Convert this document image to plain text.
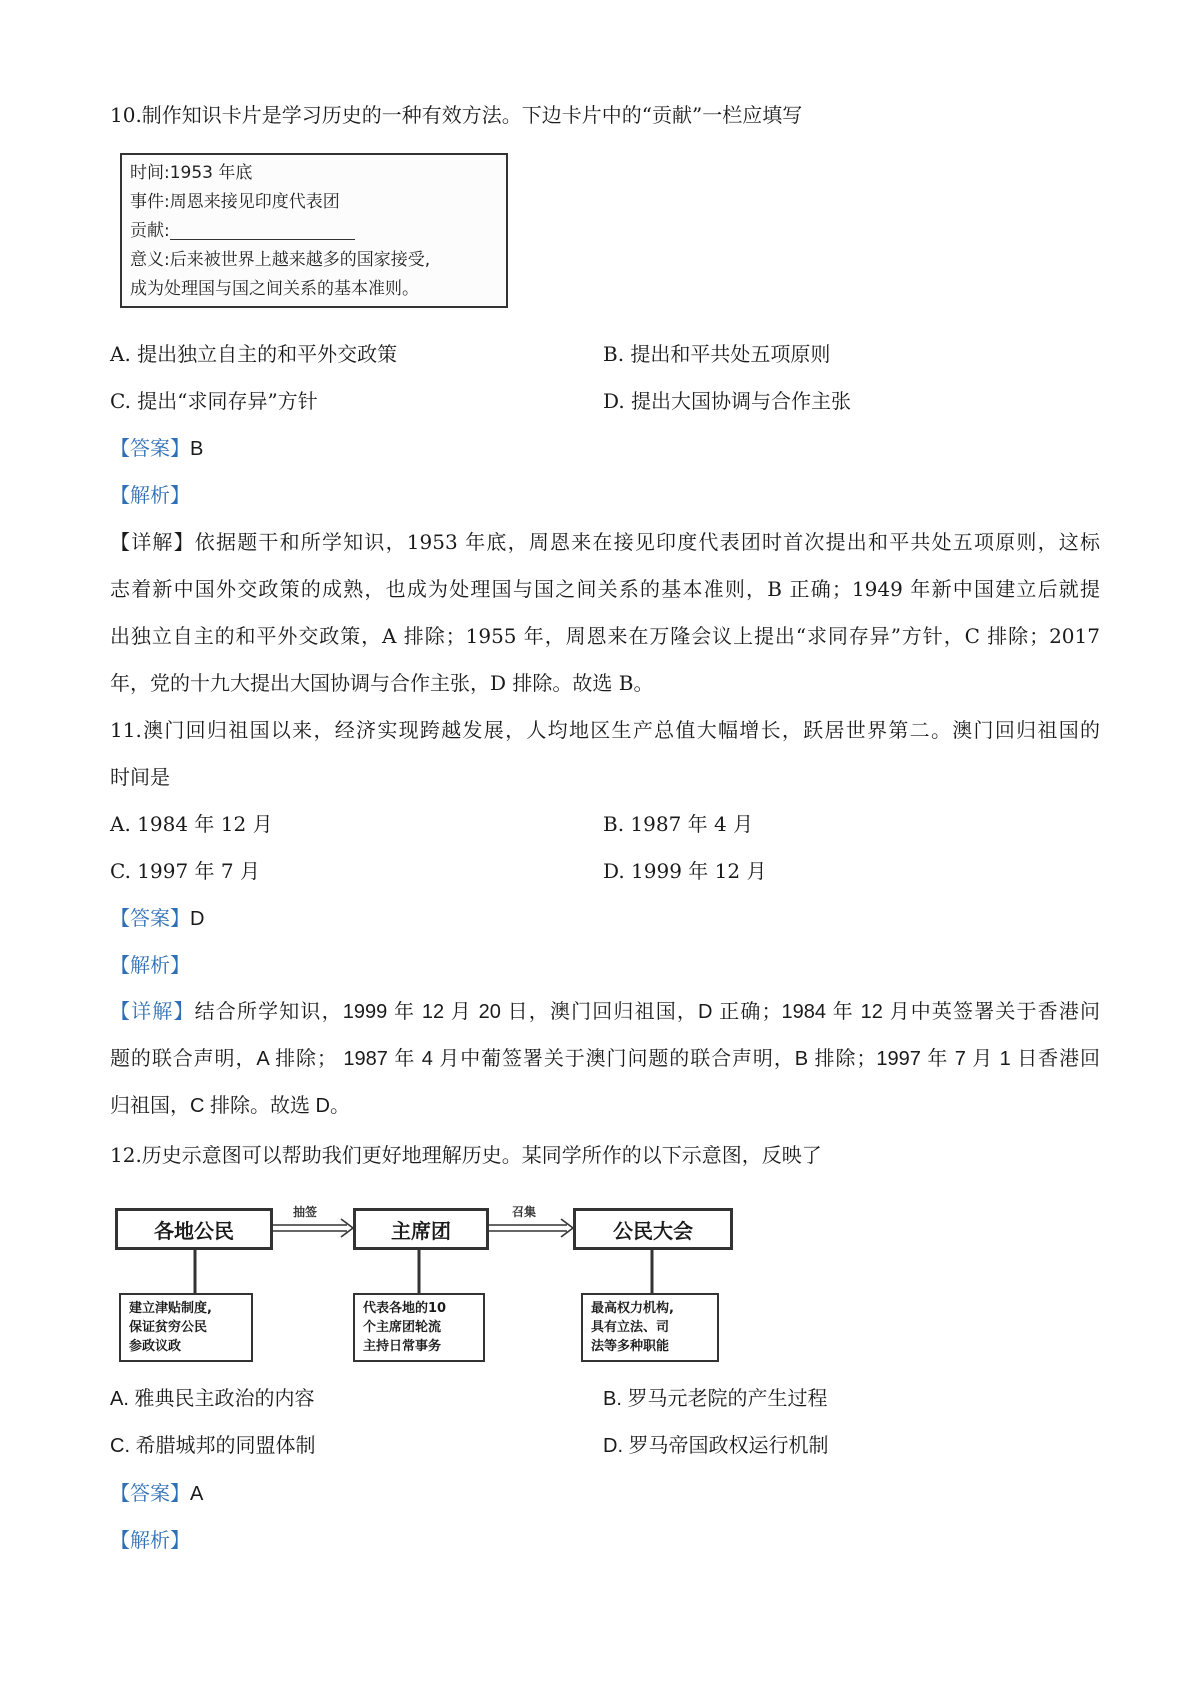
10.制作知识卡片是学习历史的一种有效方法。下边卡片中的“贡献”一栏应填写
时间:1953 年底
事件:周恩来接见印度代表团
贡献:
意义:后来被世界上越来越多的国家接受,
成为处理国与国之间关系的基本准则。
A. 提出独立自主的和平外交政策	B. 提出和平共处五项原则
C. 提出“求同存异”方针	D. 提出大国协调与合作主张
【答案】B
【解析】
【详解】依据题干和所学知识，1953 年底，周恩来在接见印度代表团时首次提出和平共处五项原则，这标
志着新中国外交政策的成熟，也成为处理国与国之间关系的基本准则，B 正确；1949 年新中国建立后就提
出独立自主的和平外交政策，A 排除；1955 年，周恩来在万隆会议上提出“求同存异”方针，C 排除；2017
年，党的十九大提出大国协调与合作主张，D 排除。故选 B。
11.澳门回归祖国以来，经济实现跨越发展，人均地区生产总值大幅增长，跃居世界第二。澳门回归祖国的
时间是
A. 1984 年 12 月	B. 1987 年 4 月
C. 1997 年 7 月	D. 1999 年 12 月
【答案】D
【解析】
【详解】结合所学知识，1999 年 12 月 20 日，澳门回归祖国，D 正确；1984 年 12 月中英签署关于香港问
题的联合声明，A 排除； 1987 年 4 月中葡签署关于澳门问题的联合声明，B 排除；1997 年 7 月 1 日香港回
归祖国，C 排除。故选 D。
12.历史示意图可以帮助我们更好地理解历史。某同学所作的以下示意图，反映了
各地公民	主席团	公民大会
抽签	召集
建立津贴制度,
保证贫穷公民
参政议政
代表各地的10
个主席团轮流
主持日常事务
最高权力机构,
具有立法、司
法等多种职能
A. 雅典民主政治的内容	B. 罗马元老院的产生过程
C. 希腊城邦的同盟体制	D. 罗马帝国政权运行机制
【答案】A
【解析】
